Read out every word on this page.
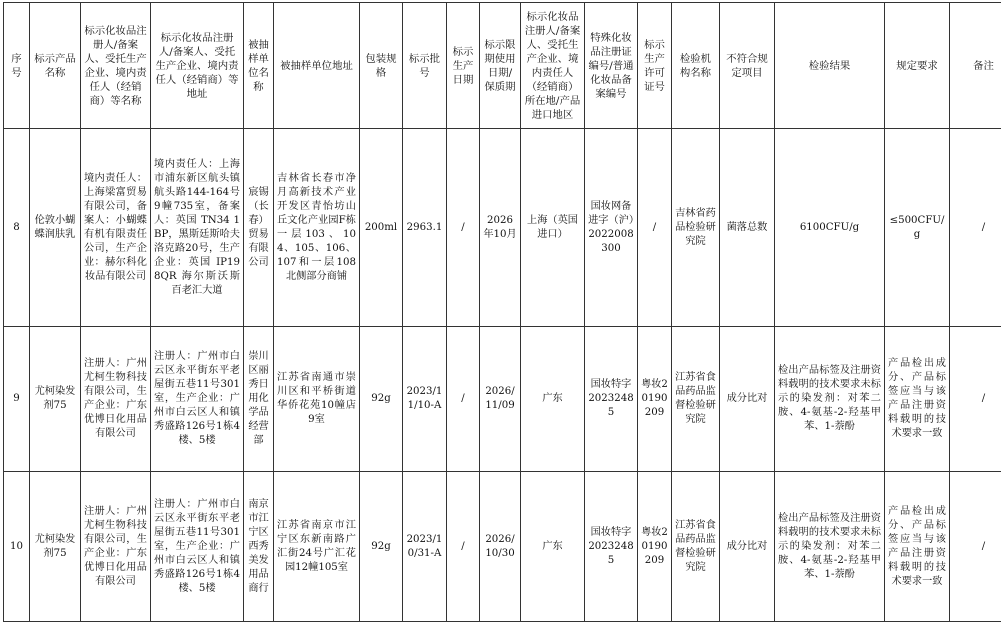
序号	标示产品名称	标示化妆品注册人/备案人、受托生产企业、境内责任人（经销商）等名称	标示化妆品注册人/备案人、受托生产企业、境内责任人（经销商）等地址	被抽样单位名称	被抽样单位地址	包装规格	标示批号	标示生产日期	标示限期使用日期/保质期	标示化妆品注册人/备案人、受托生产企业、境内责任人（经销商）所在地/产品进口地区	特殊化妆品注册证编号/普通化妆品备案编号	标示生产许可证号	检验机构名称	不符合规定项目	检验结果	规定要求	备注
8	伦敦小蝴蝶润肤乳	境内责任人：上海梁富贸易有限公司，备案人：小蝴蝶有机有限责任公司，生产企业：赫尔科化妆品有限公司	境内责任人：上海市浦东新区航头镇航头路144-164号9幢735室，备案人：英国 TN34 1BP，黑斯廷斯哈夫洛克路20号，生产企业：英国 IP19 8QR 海尔斯沃斯百老汇大道	宸锡（长春）贸易有限公司	吉林省长春市净月高新技术产业开发区青怡坊山丘文化产业园F栋一层103、104、105、106、107和一层108北侧部分商铺	200ml	2963.1	/	2026年10月	上海（英国进口）	国妆网备进字（沪）2022008300	/	吉林省药品检验研究院	菌落总数	6100CFU/g	≤500CFU/g	/
9	尤柯染发剂75	注册人：广州尤柯生物科技有限公司，生产企业：广东优博日化用品有限公司	注册人：广州市白云区永平街东平老屋街五巷11号301室，生产企业：广州市白云区人和镇秀盛路126号1栋4楼、5楼	崇川区丽秀日用化学品经营部	江苏省南通市崇川区和平桥街道华侨花苑10幢店9室	92g	2023/11/10-A	/	2026/11/09	广东	国妆特字20232485	粤妆20190209	江苏省食品药品监督检验研究院	成分比对	检出产品标签及注册资料载明的技术要求未标示的染发剂：对苯二胺、4-氨基-2-羟基甲苯、1-萘酚	产品检出成分、产品标签应当与该产品注册资料载明的技术要求一致	/
10	尤柯染发剂75	注册人：广州尤柯生物科技有限公司，生产企业：广东优博日化用品有限公司	注册人：广州市白云区永平街东平老屋街五巷11号301室，生产企业：广州市白云区人和镇秀盛路126号1栋4楼、5楼	南京市江宁区西秀美发用品商行	江苏省南京市江宁区东新南路广汇街24号广汇花园12幢105室	92g	2023/10/31-A	/	2026/10/30	广东	国妆特字20232485	粤妆20190209	江苏省食品药品监督检验研究院	成分比对	检出产品标签及注册资料载明的技术要求未标示的染发剂：对苯二胺、4-氨基-2-羟基甲苯、1-萘酚	产品检出成分、产品标签应当与该产品注册资料载明的技术要求一致	/
